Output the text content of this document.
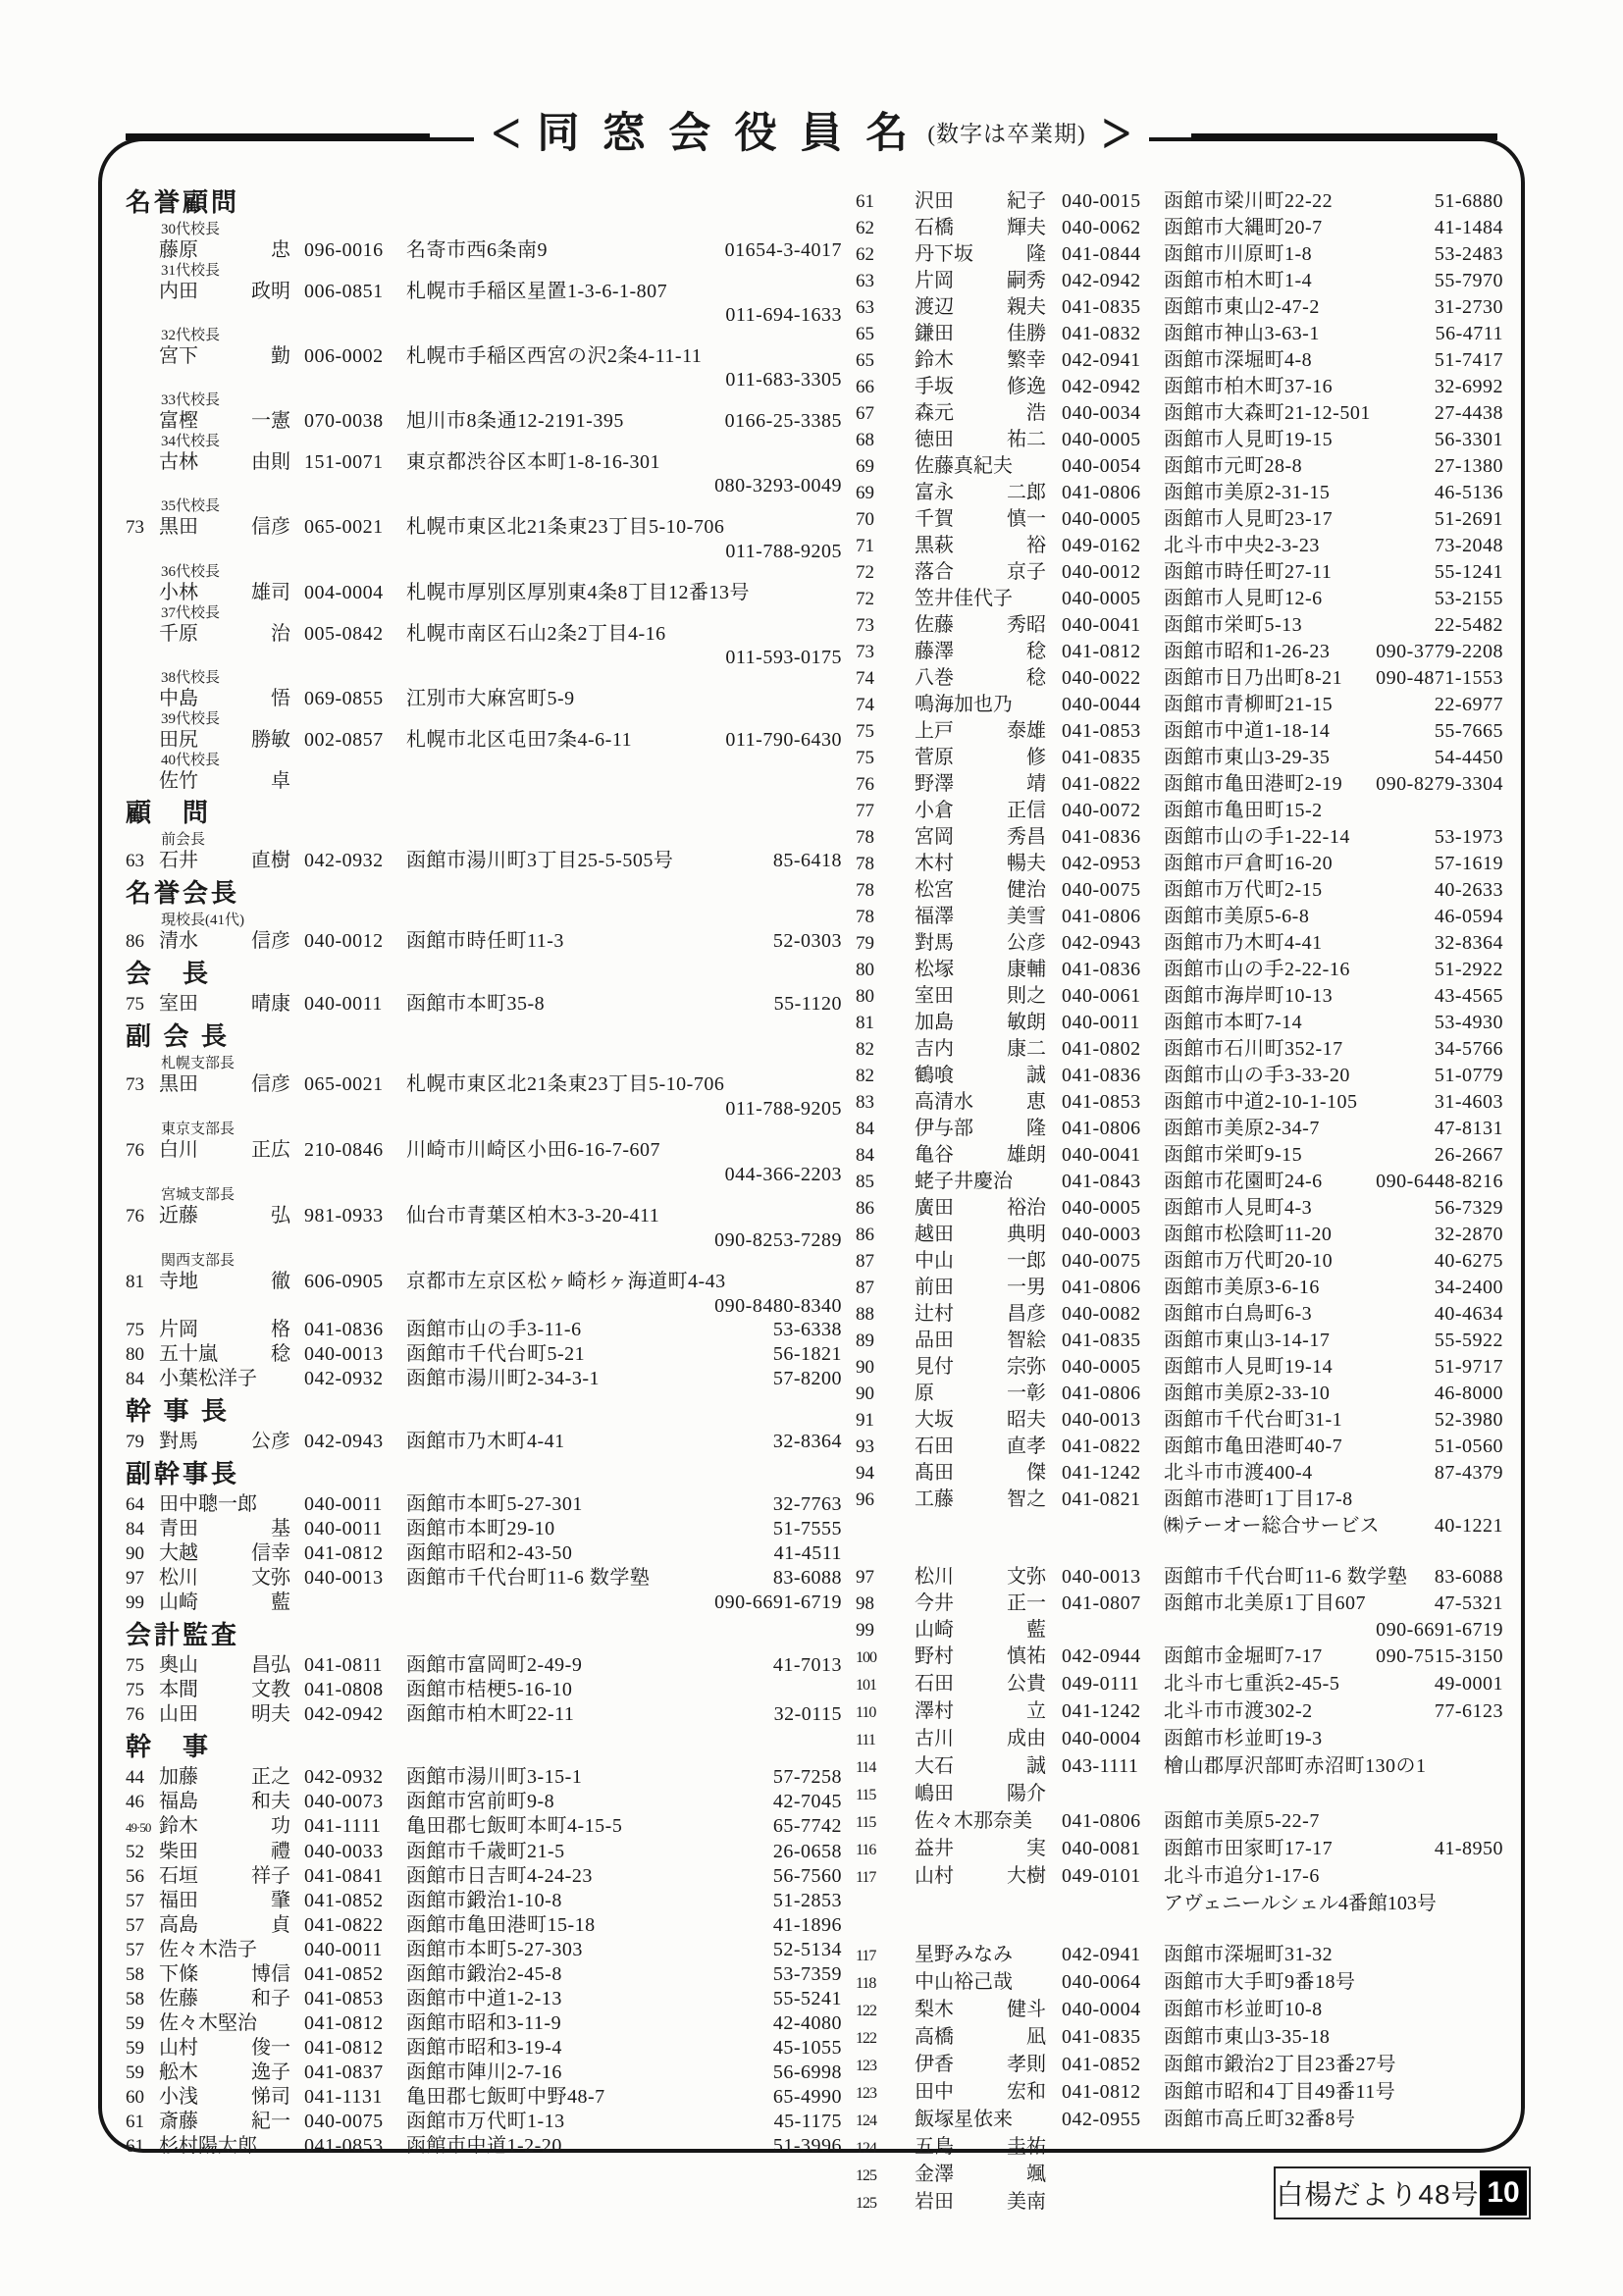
< 同窓会役員名
(数字は卒業期) >
名誉顧問
30代校長
藤原	忠 096-0016	名寄市西6条南9	01654-3-4017
31代校長
内田	政明 006-0851	札幌市手稲区星置1-3-6-1-807
011-694-1633
32代校長
宮下	勤 006-0002	札幌市手稲区西宮の沢2条4-11-11
011-683-3305
33代校長
富樫	一憲 070-0038	旭川市8条通12-2191-395	0166-25-3385
34代校長
古林	由則 151-0071	東京都渋谷区本町1-8-16-301
080-3293-0049
35代校長
73 黒田	信彦 065-0021	札幌市東区北21条東23丁目5-10-706
011-788-9205
36代校長
小林	雄司 004-0004	札幌市厚別区厚別東4条8丁目12番13号
37代校長
千原	治 005-0842	札幌市南区石山2条2丁目4-16
011-593-0175
38代校長
中島	悟 069-0855	江別市大麻宮町5-9
39代校長
田尻	勝敏 002-0857	札幌市北区屯田7条4-6-11	011-790-6430
40代校長
佐竹	卓
顧　問
前会長
63 石井	直樹 042-0932	函館市湯川町3丁目25-5-505号	85-6418
名誉会長
現校長(41代)
86 清水	信彦 040-0012	函館市時任町11-3	52-0303
会　長
75 室田	晴康 040-0011	函館市本町35-8	55-1120
副 会 長
札幌支部長
73 黒田	信彦 065-0021	札幌市東区北21条東23丁目5-10-706
011-788-9205
東京支部長
76 白川	正広 210-0846	川崎市川崎区小田6-16-7-607
044-366-2203
宮城支部長
76 近藤	弘 981-0933	仙台市青葉区柏木3-3-20-411
090-8253-7289
関西支部長
81 寺地	徹 606-0905	京都市左京区松ヶ崎杉ヶ海道町4-43
090-8480-8340
75 片岡	格 041-0836	函館市山の手3-11-6	53-6338
80 五十嵐	稔 040-0013	函館市千代台町5-21	56-1821
84 小葉松洋子	042-0932	函館市湯川町2-34-3-1	57-8200
幹 事 長
79 對馬	公彦 042-0943	函館市乃木町4-41	32-8364
副幹事長
64 田中聰一郎	040-0011	函館市本町5-27-301	32-7763
84 青田	基 040-0011	函館市本町29-10	51-7555
90 大越	信幸 041-0812	函館市昭和2-43-50	41-4511
97 松川	文弥 040-0013	函館市千代台町11-6 数学塾	83-6088
99 山崎	藍	090-6691-6719
会計監査
75 奥山	昌弘 041-0811	函館市富岡町2-49-9	41-7013
75 本間	文教 041-0808	函館市桔梗5-16-10
76 山田	明夫 042-0942	函館市柏木町22-11	32-0115
幹　事
44 加藤	正之 042-0932	函館市湯川町3-15-1	57-7258
46 福島	和夫 040-0073	函館市宮前町9-8	42-7045
49·50 鈴木	功 041-1111	亀田郡七飯町本町4-15-5	65-7742
52 柴田	禮 040-0033	函館市千歳町21-5	26-0658
56 石垣	祥子 041-0841	函館市日吉町4-24-23	56-7560
57 福田	肇 041-0852	函館市鍛治1-10-8	51-2853
57 高島	貞 041-0822	函館市亀田港町15-18	41-1896
57 佐々木浩子	040-0011	函館市本町5-27-303	52-5134
58 下條	博信 041-0852	函館市鍛治2-45-8	53-7359
58 佐藤	和子 041-0853	函館市中道1-2-13	55-5241
59 佐々木堅治	041-0812	函館市昭和3-11-9	42-4080
59 山村	俊一 041-0812	函館市昭和3-19-4	45-1055
59 舩木	逸子 041-0837	函館市陣川2-7-16	56-6998
60 小浅	悌司 041-1131	亀田郡七飯町中野48-7	65-4990
61 斎藤	紀一 040-0075	函館市万代町1-13	45-1175
61 杉村陽太郎	041-0853	函館市中道1-2-20	51-3996
61	沢田	紀子 040-0015	函館市梁川町22-22	51-6880
62	石橋	輝夫 040-0062	函館市大縄町20-7	41-1484
62	丹下坂	隆 041-0844	函館市川原町1-8	53-2483
63	片岡	嗣秀 042-0942	函館市柏木町1-4	55-7970
63	渡辺	親夫 041-0835	函館市東山2-47-2	31-2730
65	鎌田	佳勝 041-0832	函館市神山3-63-1	56-4711
65	鈴木	繁幸 042-0941	函館市深堀町4-8	51-7417
66	手坂	修逸 042-0942	函館市柏木町37-16	32-6992
67	森元	浩 040-0034	函館市大森町21-12-501	27-4438
68	徳田	祐二 040-0005	函館市人見町19-15	56-3301
69	佐藤真紀夫	040-0054	函館市元町28-8	27-1380
69	富永	二郎 041-0806	函館市美原2-31-15	46-5136
70	千賀	慎一 040-0005	函館市人見町23-17	51-2691
71	黒萩	裕 049-0162	北斗市中央2-3-23	73-2048
72	落合	京子 040-0012	函館市時任町27-11	55-1241
72	笠井佳代子	040-0005	函館市人見町12-6	53-2155
73	佐藤	秀昭 040-0041	函館市栄町5-13	22-5482
73	藤澤	稔 041-0812	函館市昭和1-26-23	090-3779-2208
74	八巻	稔 040-0022	函館市日乃出町8-21	090-4871-1553
74	鳴海加也乃	040-0044	函館市青柳町21-15	22-6977
75	上戸	泰雄 041-0853	函館市中道1-18-14	55-7665
75	菅原	修 041-0835	函館市東山3-29-35	54-4450
76	野澤	靖 041-0822	函館市亀田港町2-19	090-8279-3304
77	小倉	正信 040-0072	函館市亀田町15-2
78	宮岡	秀昌 041-0836	函館市山の手1-22-14	53-1973
78	木村	暢夫 042-0953	函館市戸倉町16-20	57-1619
78	松宮	健治 040-0075	函館市万代町2-15	40-2633
78	福澤	美雪 041-0806	函館市美原5-6-8	46-0594
79	對馬	公彦 042-0943	函館市乃木町4-41	32-8364
80	松塚	康輔 041-0836	函館市山の手2-22-16	51-2922
80	室田	則之 040-0061	函館市海岸町10-13	43-4565
81	加島	敏朗 040-0011	函館市本町7-14	53-4930
82	吉内	康二 041-0802	函館市石川町352-17	34-5766
82	鶴喰	誠 041-0836	函館市山の手3-33-20	51-0779
83	高清水	恵 041-0853	函館市中道2-10-1-105	31-4603
84	伊与部	隆 041-0806	函館市美原2-34-7	47-8131
84	亀谷	雄朗 040-0041	函館市栄町9-15	26-2667
85	蛯子井慶治	041-0843	函館市花園町24-6	090-6448-8216
86	廣田	裕治 040-0005	函館市人見町4-3	56-7329
86	越田	典明 040-0003	函館市松陰町11-20	32-2870
87	中山	一郎 040-0075	函館市万代町20-10	40-6275
87	前田	一男 041-0806	函館市美原3-6-16	34-2400
88	辻村	昌彦 040-0082	函館市白鳥町6-3	40-4634
89	品田	智絵 041-0835	函館市東山3-14-17	55-5922
90	見付	宗弥 040-0005	函館市人見町19-14	51-9717
90	原	一彰 041-0806	函館市美原2-33-10	46-8000
91	大坂	昭夫 040-0013	函館市千代台町31-1	52-3980
93	石田	直孝 041-0822	函館市亀田港町40-7	51-0560
94	髙田	傑 041-1242	北斗市市渡400-4	87-4379
96	工藤	智之 041-0821	函館市港町1丁目17-8
㈱テーオー総合サービス	40-1221
97	松川	文弥 040-0013	函館市千代台町11-6 数学塾	83-6088
98	今井	正一 041-0807	函館市北美原1丁目607	47-5321
99	山崎	藍	090-6691-6719
100	野村	慎祐 042-0944	函館市金堀町7-17	090-7515-3150
101	石田	公貴 049-0111	北斗市七重浜2-45-5	49-0001
110	澤村	立 041-1242	北斗市市渡302-2	77-6123
111	古川	成由 040-0004	函館市杉並町19-3
114	大石	誠 043-1111	檜山郡厚沢部町赤沼町130の1
115	嶋田	陽介
115	佐々木那奈美	041-0806	函館市美原5-22-7
116	益井	実 040-0081	函館市田家町17-17	41-8950
117	山村	大樹 049-0101	北斗市追分1-17-6
アヴェニールシェル4番館103号
117	星野みなみ	042-0941	函館市深堀町31-32
118	中山裕己哉	040-0064	函館市大手町9番18号
122	梨木	健斗 040-0004	函館市杉並町10-8
122	高橋	凪 041-0835	函館市東山3-35-18
123	伊香	孝則 041-0852	函館市鍛治2丁目23番27号
123	田中	宏和 041-0812	函館市昭和4丁目49番11号
124	飯塚星依来	042-0955	函館市高丘町32番8号
124	五島	圭祐
125	金澤	颯
125	岩田	美南	白楊だより48号 10
